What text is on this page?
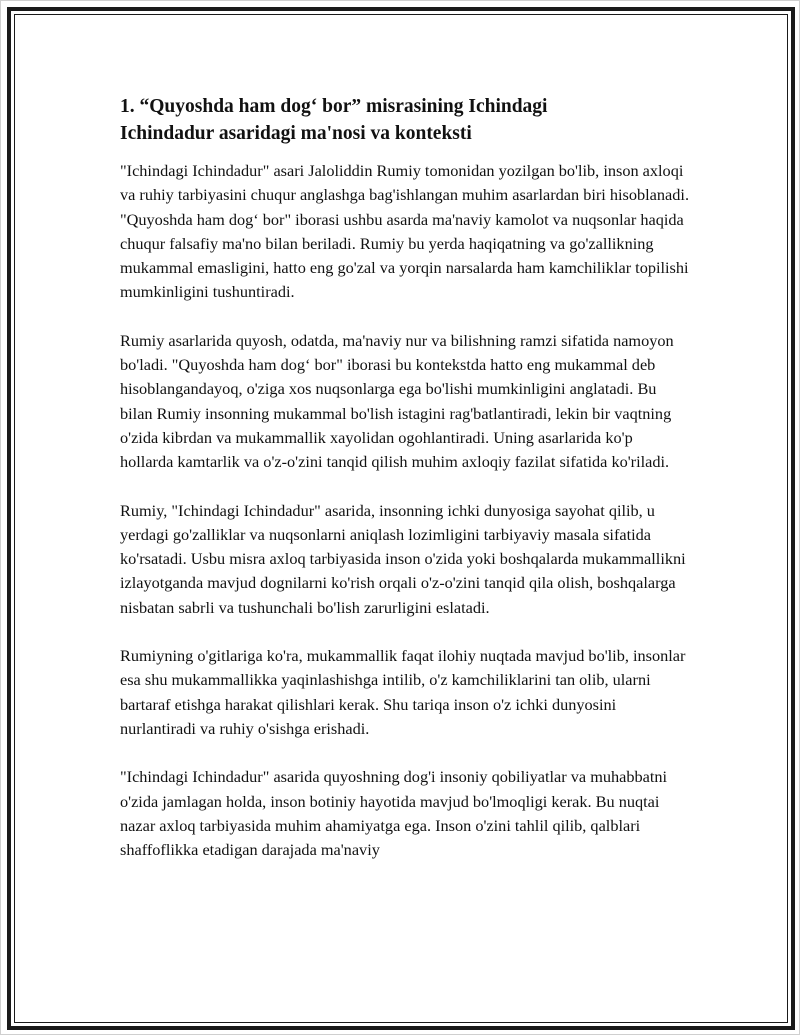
1. “Quyoshda ham dog‘ bor” misrasining Ichindagi
Ichindadur asaridagi ma'nosi va konteksti

"Ichindagi Ichindadur" asari Jaloliddin Rumiy tomonidan yozilgan bo'lib, inson axloqi va ruhiy tarbiyasini chuqur anglashga bag'ishlangan muhim asarlardan biri hisoblanadi. "Quyoshda ham dog‘ bor" iborasi ushbu asarda ma'naviy kamolot va nuqsonlar haqida chuqur falsafiy ma'no bilan beriladi. Rumiy bu yerda haqiqatning va go'zallikning mukammal emasligini, hatto eng go'zal va yorqin narsalarda ham kamchiliklar topilishi mumkinligini tushuntiradi.

Rumiy asarlarida quyosh, odatda, ma'naviy nur va bilishning ramzi sifatida namoyon bo'ladi. "Quyoshda ham dog‘ bor" iborasi bu kontekstda hatto eng mukammal deb hisoblangandayoq, o'ziga xos nuqsonlarga ega bo'lishi mumkinligini anglatadi. Bu bilan Rumiy insonning mukammal bo'lish istagini rag'batlantiradi, lekin bir vaqtning o'zida kibrdan va mukammallik xayolidan ogohlantiradi. Uning asarlarida ko'p hollarda kamtarlik va o'z-o'zini tanqid qilish muhim axloqiy fazilat sifatida ko'riladi.

Rumiy, "Ichindagi Ichindadur" asarida, insonning ichki dunyosiga sayohat qilib, u yerdagi go'zalliklar va nuqsonlarni aniqlash lozimligini tarbiyaviy masala sifatida ko'rsatadi. Usbu misra axloq tarbiyasida inson o'zida yoki boshqalarda mukammallikni izlayotganda mavjud dognilarni ko'rish orqali o'z-o'zini tanqid qila olish, boshqalarga nisbatan sabrli va tushunchali bo'lish zarurligini eslatadi.

Rumiyning o'gitlariga ko'ra, mukammallik faqat ilohiy nuqtada mavjud bo'lib, insonlar esa shu mukammallikka yaqinlashishga intilib, o'z kamchiliklarini tan olib, ularni bartaraf etishga harakat qilishlari kerak. Shu tariqa inson o'z ichki dunyosini nurlantiradi va ruhiy o'sishga erishadi.

"Ichindagi Ichindadur" asarida quyoshning dog'i insoniy qobiliyatlar va muhabbatni o'zida jamlagan holda, inson botiniy hayotida mavjud bo'lmoqligi kerak. Bu nuqtai nazar axloq tarbiyasida muhim ahamiyatga ega. Inson o'zini tahlil qilib, qalblari shaffoflikka etadigan darajada ma'naviy
